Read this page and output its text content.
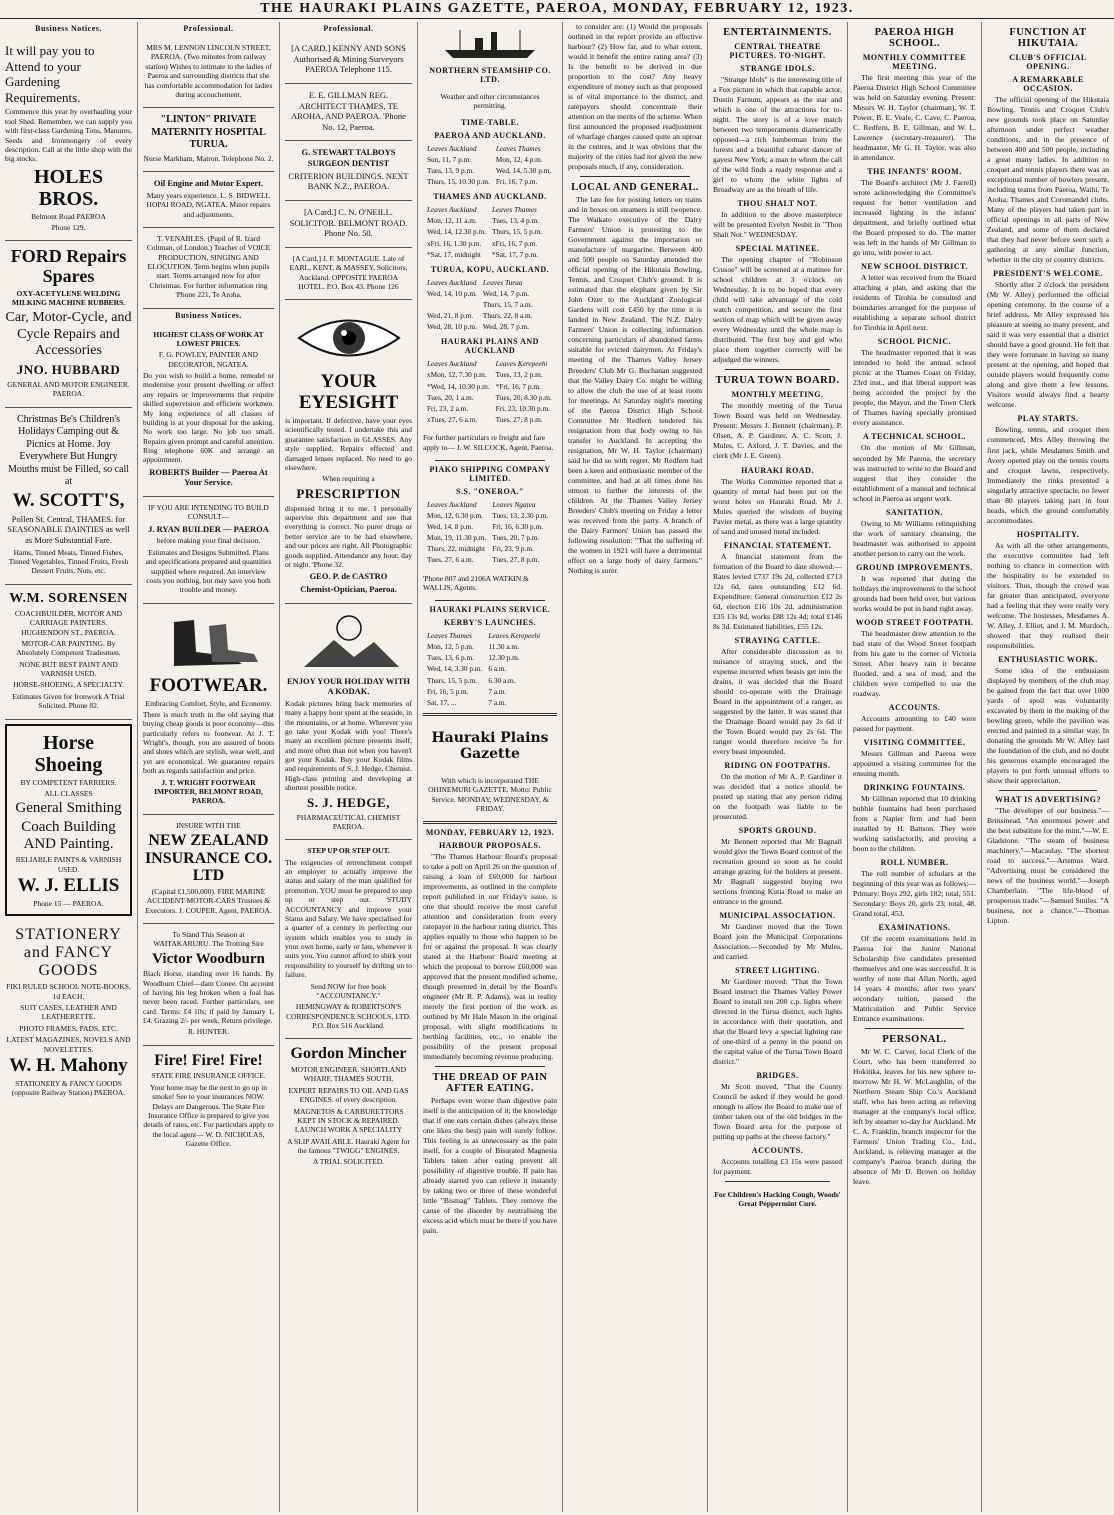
THE HAURAKI PLAINS GAZETTE, PAEROA, MONDAY, FEBRUARY 12, 1923.
Business Notices.

It will pay you to Attend to your Gardening Requirements.

Commence this year by overhauling your tool Shed. Remember, we can supply you with first-class Gardening Tons, Manures, Seeds and Ironmongery of every description. Call at the little shop with the big stocks.

HOLES BROS.

Belmont Road PAEROA

Phone 129.

FORD Repairs Spares

OXY-ACETYLENE WELDING MILKING MACHINE RUBBERS.

Car, Motor-Cycle, and Cycle Repairs and Accessories

JNO. HUBBARD

GENERAL AND MOTOR ENGINEER. PAEROA.

Christmas Be's Children's Holidays Camping out & Picnics at Home. Joy Everywhere But Hungry Mouths must be Filled, so call at

W. SCOTT'S,

Pollen St. Central, THAMES. for SEASONABLE DAINTIES as well as More Substantial Fare.

Hams, Tinned Meats, Tinned Fishes, Tinned Vegetables, Tinned Fruits, Fresh Dessert Fruits, Nuts, etc.

W.M. SORENSEN

COACHBUILDER, MOTOR AND CARRIAGE PAINTERS. HUGHENDON ST., PAEROA.

MOTOR-CAR PAINTING. By Absolutely Competent Tradesmen.

NONE BUT BEST PAINT AND VARNISH USED.

HORSE-SHOEING, A SPECIALTY.

Estimates Given for Ironwork A Trial Solicited. Phone 82.

Horse Shoeing

BY COMPETENT FARRIERS.

ALL CLASSES

General Smithing

Coach Building AND Painting.

RELIABLE PAINTS & VARNISH USED.

W. J. ELLIS

Phone 15 — PAEROA.

STATIONERY and FANCY GOODS

FIKI RULED SCHOOL NOTE-BOOKS, 1d EACH.

SUIT CASES, LEATHER AND LEATHERETTE.

PHOTO FRAMES, PADS, ETC.

LATEST MAGAZINES, NOVELS AND NOVELETTES.

W. H. Mahony

STATIONERY & FANCY GOODS (opposite Railway Station) PAEROA.

Professional.

MRS M. LENNON LINCOLN STREET, PAEROA. (Two minutes from railway station) Wishes to intimate to the ladies of Paeroa and surrounding districts that she has comfortable accommodation for ladies during accouchement.

"LINTON" PRIVATE MATERNITY HOSPITAL TURUA.

Nurse Markham, Matron. Telephone No. 2.

Oil Engine and Motor Expert.

Many years experience. L. S. BIDWELL HOPAI ROAD, NGATEA. Minor repairs and adjustments.

T. VENABLES. (Pupil of R. Izard Coltman, of London.) Teacher of VOICE PRODUCTION, SINGING AND ELOCUTION. Term begins when pupils start. Terms arranged now for after Christmas. For further information ring 'Phone 221, Te Aroha.

Business Notices.

HIGHEST CLASS OF WORK AT LOWEST PRICES.

F. G. POWLEY, PAINTER AND DECORATOR, NGATEA.

Do you wish to build a home, remodel or modernise your present dwelling or effect any repairs or improvements that require skilled supervision and efficient workmen. My long experience of all classes of building is at your disposal for the asking. No work too large. No job too small. Repairs given prompt and careful attention. Ring telephone 60K and arrange an appointment.

ROBERTS Builder — Paeroa At Your Service.

IF YOU ARE INTENDING TO BUILD CONSULT—

J. RYAN BUILDER — PAEROA

before making your final decision.

Estimates and Designs Submitted. Plans and specifications prepared and quantities supplied where required. An interview costs you nothing, but may save you both trouble and money.

FOOTWEAR.

Embracing Comfort, Style, and Economy.

There is much truth in the old saying that buying cheap goods is poor economy—this particularly refers to footwear. At J. T. Wright's, though, you are assured of boots and shoes which are stylish, wear well, and yet are economical. We guarantee repairs both as regards satisfaction and price.

J. T. WRIGHT FOOTWEAR IMPORTER, BELMONT ROAD, PAEROA.

INSURE WITH THE

NEW ZEALAND INSURANCE CO. LTD

(Capital £1,500,000). FIRE MARINE ACCIDENT MOTOR-CARS Trustees & Executors. J. COUPER, Agent, PAEROA.

To Stand This Season at WAITAKARURU. The Trotting Sire

Victor Woodburn

Black Horse, standing over 16 hands. By Woodburn Chief—dam Conee. On account of having his leg broken when a foal has never been raced. Further particulars, see card. Terms: £4 10s; if paid by January 1, £4. Grazing 2/- per week. Return privilege.

R. HUNTER.

Fire! Fire! Fire!

STATE FIRE INSURANCE OFFICE.

Your home may be the next to go up in smoke! See to your insurances NOW. Delays are Dangerous. The State Fire Insurance Office is prepared to give you details of rates, etc. For particulars apply to the local agent— W. D. NICHOLAS, Gazette Office.

Professional.

[A CARD.] KENNY AND SONS Authorised & Mining Surveyors PAEROA Telephone 115.

E. E. GILLMAN REG. ARCHITECT THAMES, TE AROHA, AND PAEROA. 'Phone No. 12, Paeroa.

G. STEWART TALBOYS SURGEON DENTIST

CRITERION BUILDINGS. NEXT BANK N.Z., PAEROA.

[A Card.] C. N. O'NEILL. SOLICITOR. BELMONT ROAD. Phone No. 50.

[A Card.] J. F. MONTAGUE. Late of EARL, KENT, & MASSEY, Solicitors, Auckland. OPPOSITE PAEROA HOTEL. P.O. Box 43. Phone 126

YOUR EYESIGHT

is important. If defective, have your eyes scientifically tested. I undertake this and guarantee satisfaction in GLASSES. Any style supplied. Repairs effected and damaged lenses replaced. No need to go elsewhere.

When requiring a

PRESCRIPTION

dispensed bring it to me. I personally supervise this department and see that everything is correct. No purer drugs or better service are to be had elsewhere, and our prices are right. All Photographic goods supplied. Attendance any hour, day or night. 'Phone 32.

GEO. P. de CASTRO

Chemist-Optician, Paeroa.

ENJOY YOUR HOLIDAY WITH A KODAK.

Kodak pictures bring back memories of many a happy hour spent at the seaside, in the mountains, or at home. Wherever you go take your Kodak with you! There's many an excellent picture presents itself, and more often than not when you haven't got your Kodak. Buy your Kodak films and requirements of S. J. Hedge, Chemist. High-class printing and developing at shortest possible notice.

S. J. HEDGE,

PHARMACEUTICAL CHEMIST PAEROA.

STEP UP OR STEP OUT.

The exigencies of retrenchment compel an employer to actually improve the status and salary of the man qualified for promotion. YOU must be prepared to step up or step out. STUDY ACCOUNTANCY and improve your Status and Salary. We have specialised for a quarter of a century in perfecting our system which enables you to study in your own home, early or late, whenever it suits you. You cannot afford to shirk your responsibility to yourself by drifting on to failure.

Send NOW for free book "ACCOUNTANCY."

HEMINGWAY & ROBERTSON'S CORRESPONDENCE SCHOOLS, LTD. P.O. Box 516 Auckland.

Gordon Mincher

MOTOR ENGINEER. SHORTLAND WHARF, THAMES SOUTH.

EXPERT REPAIRS TO OIL AND GAS ENGINES. of every description.

MAGNETOS & CARBURETTORS KEPT IN STOCK & REPAIRED. LAUNCH WORK A SPECIALITY

A SLIP AVAILABLE. Hauraki Agent for the famous "TWIGG" ENGINES.

A TRIAL SOLICITED.

NORTHERN STEAMSHIP CO. LTD.

Weather and other circumstances permitting.

TIME-TABLE.

PAEROA AND AUCKLAND.

Leaves Auckland	Leaves Thames
Sun, 11, 7 p.m.	Mon, 12, 4 p.m.
Tues, 13, 9 p.m.	Wed, 14, 5.30 p.m.
Thurs, 15, 10.30 p.m.	Fri, 16, 7 p.m.

THAMES AND AUCKLAND.

Leaves Auckland	Leaves Thames
Mon, 12, 11 a.m.	Tues, 13, 4 p.m.
Wed, 14, 12.30 p.m.	Thurs, 15, 5 p.m.
xFri, 16, 1.30 p.m.	xFri, 16, 7 p.m.
*Sat, 17, midnight	*Sat, 17, 7 p.m.

TURUA, KOPU, AUCKLAND.

Leaves Auckland	Leaves Turua
Wed, 14, 10 p.m.	Wed, 14, 7 p.m.
	Thurs, 15, 7 a.m.
Wed, 21, 8 p.m.	Thurs, 22, 8 a.m.
Wed, 28, 10 p.m.	Wed, 28, 7 p.m.

HAURAKI PLAINS AND AUCKLAND

Leaves Auckland	Leaves Kerepeehi
xMon, 12, 7.30 p.m.	Tues, 13, 2 p.m.
*Wed, 14, 10.30 p.m.	*Fri, 16, 7 p.m.
Tues, 20, 1 a.m.	Tues, 20, 8.30 p.m.
Fri, 23, 2 a.m.	Fri, 23, 10.30 p.m.
xTues, 27, 6 a.m.	Tues, 27, 8 p.m.

For further particulars re freight and fare apply to— J. W. SILCOCK, Agent, Paeroa.

PIAKO SHIPPING COMPANY LIMITED.

S.S. "ONEROA."

Leaves Auckland	Leaves Ngatea
Mon, 12, 6.30 p.m.	Tues, 13, 2.30 p.m.
Wed, 14, 8 p.m.	Fri, 16, 6.30 p.m.
Mon, 19, 11.30 p.m.	Tues, 20, 7 p.m.
Thurs, 22, midnight	Fri, 23, 9 p.m.
Tues, 27, 6 a.m.	Tues, 27, 8 p.m.

'Phone 807 and 2106A WATKIN & WALLIS, Agents.

HAURAKI PLAINS SERVICE.

KERBY'S LAUNCHES.

Leaves Thames	Leaves Kerepeehi
Mon, 12, 5 p.m.	11.30 a.m.
Tues, 13, 6 p.m.	12.30 p.m.
Wed, 14, 3.30 p.m.	6 a.m.
Thurs, 15, 5 p.m.	6.30 a.m.
Fri, 16, 5 p.m.	7 a.m.
Sat, 17, ...	7 a.m.

Hauraki Plains Gazette

With which is incorporated THE OHINEMURI GAZETTE. Motto: Public Service. MONDAY, WEDNESDAY, & FRIDAY.

MONDAY, FEBRUARY 12, 1923.

HARBOUR PROPOSALS.

"The Thames Harbour Board's proposal to take a poll on April 26 on the question of raising a loan of £60,000 for harbour improvements, as outlined in the complete report published in our Friday's issue, is one that should receive the most careful attention and consideration from every ratepayer in the harbour rating district. This applies equally to those who happen to be for or against the proposal. It was clearly stated at the Harbour Board meeting at which the proposal to borrow £60,000 was approved that the present modified scheme, though presented in detail by the Board's engineer (Mr R. P. Adams), was in reality merely the first portion of the work as outlined by Mr Hale Mason in the original proposal, with slight modifications in berthing facilities, etc., to enable the possibility of the present proposal immediately becoming revenue producing.

THE DREAD OF PAIN AFTER EATING.

Perhaps even worse than digestive pain itself is the anticipation of it; the knowledge that if one eats certain dishes (always those one likes the best) pain will surely follow. This feeling is as unnecessary as the pain itself, for a couple of Bisurated Magnesia Tablets taken after eating prevent all possibility of digestive trouble. If pain has already started you can relieve it instantly by taking two or three of these wonderful little "Bismag" Tablets. They remove the cause of the disorder by neutralising the excess acid which must be there if you have pain.

to consider are: (1) Would the proposals outlined in the report provide an effective harbour? (2) How far, and to what extent, would it benefit the entire rating area? (3) Is the benefit to be derived in due proportion to the cost? Any heavy expenditure of money such as that proposed is of vital importance to the district, and ratepayers should concentrate their attention on the merits of the scheme. When first announced the proposed readjustment of wharfage charges caused quite an uproar in the centres, and it was obvious that the majority of the cities had not given the new proposals much, if any, consideration.

LOCAL AND GENERAL.

The late fee for posting letters on trains and in boxes on steamers is still twopence. The Waikato executive of the Dairy Farmers' Union is protesting to the Government against the importation or manufacture of margarine. Between 400 and 500 people on Saturday attended the official opening of the Hikutaia Bowling, Tennis, and Croquet Club's ground. It is estimated that the elephant given by Sir John Ozer to the Auckland Zoological Gardens will cost £450 by the time it is landed in New Zealand. The N.Z. Dairy Farmers' Union is collecting information concerning particulars of abandoned farms suitable for evicted dairymen. At Friday's meeting of the Thames Valley Jersey Breeders' Club Mr G. Buchanan suggested that the Valley Dairy Co. might be willing to allow the club the use of at least room for meetings. At Saturday night's meeting of the Paeroa District High School Committee Mr Redfern tendered his resignation from that body owing to his transfer to Auckland. In accepting the resignation, Mr W. H. Taylor (chairman) said he did so with regret. Mr Redfern had been a keen and enthusiastic member of the committee, and had at all times done his utmost to further the interests of the children. At the Thames Valley Jersey Breeders' Club's meeting on Friday a letter was received from the party. A branch of the Dairy Farmers' Union has passed the following resolution: "That the suffering of the women in 1921 will have a detrimental effect on a large body of dairy farmers." Nothing is surer.

ENTERTAINMENTS.

CENTRAL THEATRE PICTURES. TO-NIGHT.

STRANGE IDOLS.

"Strange Idols" is the interesting title of a Fox picture in which that capable actor, Dustin Farnum, appears as the star and which is one of the attractions for to-night. The story is of a love match between two temperaments diametrically opposed—a rich lumberman from the forests and a beautiful cabaret dancer of gayest New York; a man to whom the call of the wild finds a ready response and a girl to whom the white lights of Broadway are as the breath of life.

THOU SHALT NOT.

In addition to the above masterpiece will be presented Evelyn Nesbit in "Thou Shalt Not." WEDNESDAY.

SPECIAL MATINEE.

The opening chapter of "Robinson Crusoe" will be screened at a matinee for school children at 3 o'clock on Wednesday. It is to be hoped that every child will take advantage of the cold watch competition, and secure the first section of map which will be given away every Wednesday until the whole map is distributed. The first boy and girl who place them together correctly will be adjudged the winners.

TURUA TOWN BOARD.

MONTHLY MEETING.

The monthly meeting of the Turua Town Board was held on Wednesday. Present: Messrs J. Bennett (chairman), P. Olsen, A. P. Gardiner, A. C. Scott, J. Mules, C. Axford, J. T. Davies, and the clerk (Mr J. E. Green).

HAURAKI ROAD.

The Works Committee reported that a quantity of metal had been put on the worst holes on Hauraki Road. Mr J. Mules queried the wisdom of buying Pavier metal, as there was a large quantity of sand and unused metal included.

FINANCIAL STATEMENT.

A financial statement from the formation of the Board to date showed:—Rates levied £737 19s 2d, collected £713 12s 6d, rates outstanding £12 6d. Expenditure: General construction £12 2s 6d, election £16 10s 2d, administration £35 13s 8d, works £88 12s 4d; total £146 8s 3d. Estimated liabilities, £55 12s.

STRAYING CATTLE.

After considerable discussion as to nuisance of straying stock, and the expense incurred when beasts get into the drains, it was decided that the Board should co-operate with the Drainage Board in the appointment of a ranger, as suggested by the latter. It was stated that the Drainage Board would pay 2s 6d if the Town Board would pay 2s 6d. The ranger would therefore receive 5s for every beast impounded.

RIDING ON FOOTPATHS.

On the motion of Mr A. P. Gardiner it was decided that a notice should be posted up stating that any person riding on the footpath was liable to be prosecuted.

SPORTS GROUND.

Mr Bennett reported that Mr Bagnall would give the Town Board control of the recreation ground so soon as he could arrange grazing for the holders at present. Mr Bagnall suggested buying two sections fronting Kutia Road to make an entrance to the ground.

MUNICIPAL ASSOCIATION.

Mr Gardiner moved that the Town Board join the Municipal Corporations Association.—Seconded by Mr Mules, and carried.

STREET LIGHTING.

Mr Gardiner moved: "That the Town Board instruct the Thames Valley Power Board to install ten 200 c.p. lights where directed in the Turua district, such lights in accordance with their quotation, and that the Board levy a special lighting rate of one-third of a penny in the pound on the capital value of the Turua Town Board district."

BRIDGES.

Mr Scott moved, "That the County Council be asked if they would be good enough to allow the Board to make use of timber taken out of the old bridges in the Town Board area for the purpose of putting up paths at the cheese factory."

ACCOUNTS.

Accounts totalling £3 15s were passed for payment.

For Children's Hacking Cough, Woods' Great Peppermint Cure.

PAEROA HIGH SCHOOL.

MONTHLY COMMITTEE MEETING.

The first meeting this year of the Paeroa District High School Committee was held on Saturday evening. Present: Messrs W. H. Taylor (chairman), W. T. Power, B. E. Veale, C. Cave, C. Paeroa, C. Redfern, B. E. Gillman, and W. L. Lawrence (secretary-treasurer). The headmaster, Mr G. H. Taylor, was also in attendance.

THE INFANTS' ROOM.

The Board's architect (Mr J. Farrell) wrote acknowledging the Committee's request for better ventilation and increased lighting in the infants' department, and briefly outlined what the Board proposed to do. The matter was left in the hands of Mr Gillman to go into, with power to act.

NEW SCHOOL DISTRICT.

A letter was received from the Board attaching a plan, and asking that the residents of Tirohia be consulted and boundaries arranged for the purpose of establishing a separate school district for Tirohia in April next.

SCHOOL PICNIC.

The headmaster reported that it was intended to hold the annual school picnic at the Thames Coast on Friday, 23rd inst., and that liberal support was being accorded the project by the people, the Mayor, and the Town Clerk of Thames having specially promised every assistance.

A TECHNICAL SCHOOL.

On the motion of Mr Gillman, seconded by Mr Paeroa, the secretary was instructed to write to the Board and suggest that they consider the establishment of a manual and technical school in Paeroa as urgent work.

SANITATION.

Owing to Mr Williams relinquishing the work of sanitary cleansing, the headmaster was authorised to appoint another person to carry out the work.

GROUND IMPROVEMENTS.

It was reported that during the holidays the improvements to the school grounds had been held over, but various works would be put in hand right away.

WOOD STREET FOOTPATH.

The headmaster drew attention to the bad state of the Wood Street footpath from his gate to the corner of Victoria Street. After heavy rain it became flooded, and a sea of mud, and the children were compelled to use the roadway.

ACCOUNTS.

Accounts amounting to £40 were passed for payment.

VISITING COMMITTEE.

Messrs Gillman and Paeroa were appointed a visiting committee for the ensuing month.

DRINKING FOUNTAINS.

Mr Gillman reported that 10 drinking bubble fountains had been purchased from a Napier firm and had been installed by H. Battson. They were working satisfactorily, and proving a boon to the children.

ROLL NUMBER.

The roll number of scholars at the beginning of this year was as follows:—Primary: Boys 292, girls 182; total, 551. Secondary: Boys 20, girls 23; total, 48. Grand total, 453.

EXAMINATIONS.

Of the recent examinations held in Paeroa for the Junior National Scholarship five candidates presented themselves and one was successful. It is worthy of note that Allan North, aged 14 years 4 months, after two years' secondary tuition, passed the Matriculation and Public Service Entrance examinations.

PERSONAL.

Mr W. C. Carver, local Clerk of the Court, who has been transferred to Hokitika, leaves for his new sphere to-morrow. Mr H. W. McLaughlin, of the Northern Steam Ship Co.'s Auckland staff, who has been acting as relieving manager at the company's local office, left by steamer to-day for Auckland. Mr C. A. Franklin, branch inspector for the Farmers' Union Trading Co., Ltd., Auckland, is relieving manager at the company's Paeroa branch during the absence of Mr D. Brown on holiday leave.

FUNCTION AT HIKUTAIA.

CLUB'S OFFICIAL OPENING.

A REMARKABLE OCCASION.

The official opening of the Hikutaia Bowling, Tennis and Croquet Club's new grounds took place on Saturday afternoon under perfect weather conditions, and in the presence of between 400 and 500 people, including a great many ladies. In addition to croquet and tennis players there was an exceptional number of bowlers present, including teams from Paeroa, Waihi, Te Aroha, Thames and Coromandel clubs. Many of the players had taken part in official openings in all parts of New Zealand, and some of them declared that they had never before seen such a gathering at any similar function, whether in the city or country districts.

PRESIDENT'S WELCOME.

Shortly after 2 o'clock the president (Mr W. Alley) performed the official opening ceremony. In the course of a brief address, Mr Alley expressed his pleasure at seeing so many present, and said it was very essential that a district should have a good ground. He felt that they were fortunate in having so many present at the opening, and hoped that outside players would frequently come along and give them a few lessons. Visitors would always find a hearty welcome.

PLAY STARTS.

Bowling, tennis, and croquet then commenced, Mrs Alley throwing the first jack, while Mesdames Smith and Avery opened play on the tennis courts and croquet lawns, respectively. Immediately the rinks presented a singularly attractive spectacle, no fewer than 80 players taking part in four heads, which the ground comfortably accommodates.

HOSPITALITY.

As with all the other arrangements, the executive committee had left nothing to chance in connection with the hospitality to be extended to visitors. Thus, though the crowd was far greater than anticipated, everyone had a feeling that they were really very welcome. The hostesses, Mesdames A. W. Alley, J. Elliot, and J. M. Murdoch, showed that they realised their responsibilities.

ENTHUSIASTIC WORK.

Some idea of the enthusiasm displayed by members of the club may be gained from the fact that over 1000 yards of spoil was voluntarily excavated by them in the making of the bowling green, while the pavilion was erected and painted in a similar way. In donating the grounds Mr W. Alley laid the foundation of the club, and no doubt his generous example encouraged the players to put forth unusual efforts to show their appreciation.

WHAT IS ADVERTISING?

"The developer of our business."—Brinsmead. "An enormous power and the best substitute for the mint."—W. E. Gladstone. "The steam of business machinery."—Macaulay. "The shortest road to success."—Artemus Ward. "Advertising must be considered the news of the business world."—Joseph Chamberlain. "The life-blood of prosperous trade."—Samuel Smiles. "A business, not a chance."—Thomas Lipton.
